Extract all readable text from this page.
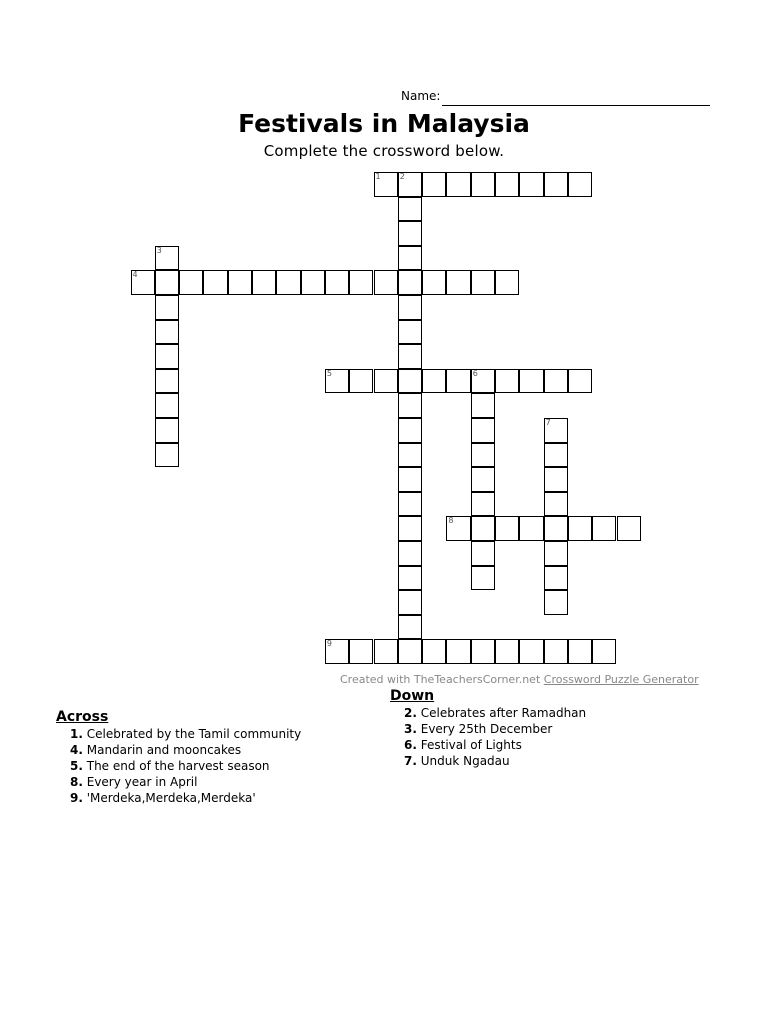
Name:
Festivals in Malaysia
Complete the crossword below.
1 2
3
4
5	6
7
8
9
Created with TheTeachersCorner.net Crossword Puzzle Generator
Down
2. Celebrates after Ramadhan
3. Every 25th December
6. Festival of Lights
7. Unduk Ngadau
Across
1. Celebrated by the Tamil community
4. Mandarin and mooncakes
5. The end of the harvest season
8. Every year in April
9. 'Merdeka,Merdeka,Merdeka'
